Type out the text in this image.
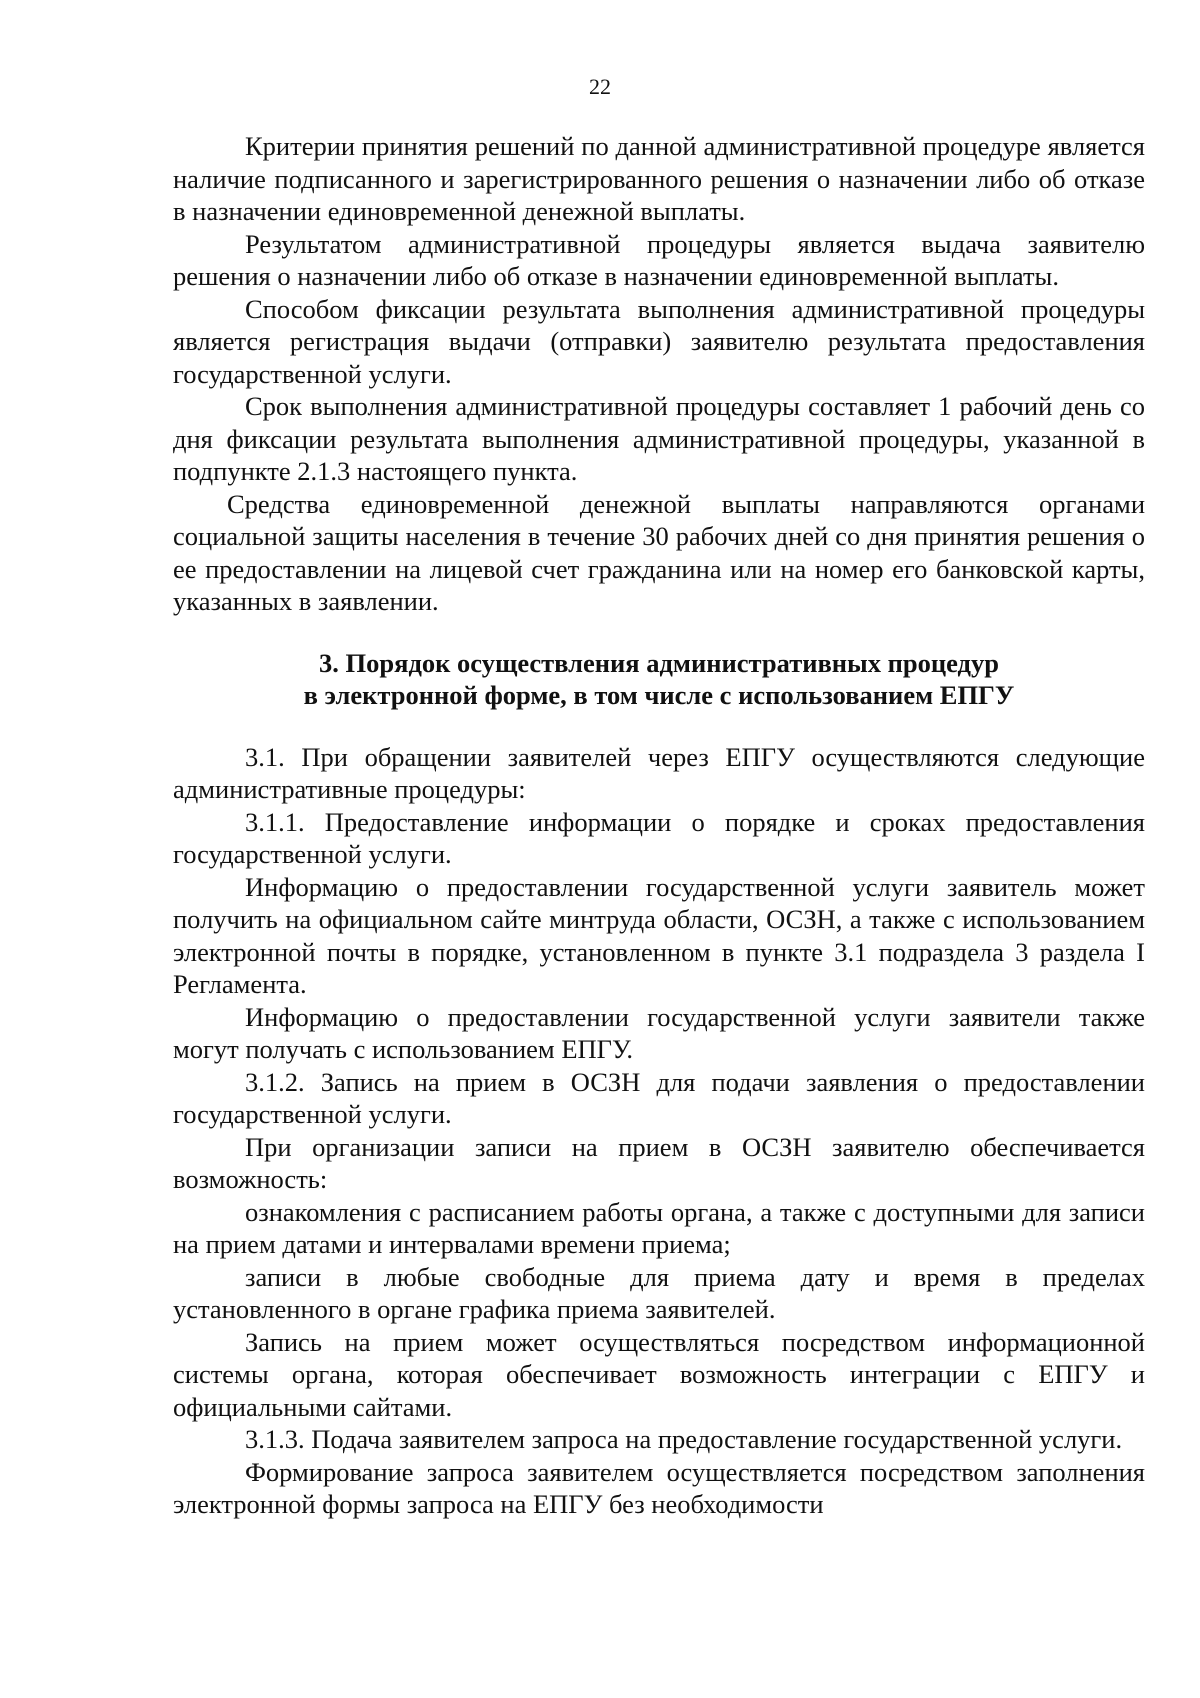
22

Критерии принятия решений по данной административной процедуре является наличие подписанного и зарегистрированного решения о назначении либо об отказе в назначении единовременной денежной выплаты.

Результатом административной процедуры является выдача заявителю решения о назначении либо об отказе в назначении единовременной выплаты.

Способом фиксации результата выполнения административной процедуры является регистрация выдачи (отправки) заявителю результата предоставления государственной услуги.

Срок выполнения административной процедуры составляет 1 рабочий день со дня фиксации результата выполнения административной процедуры, указанной в подпункте 2.1.3 настоящего пункта.

Средства единовременной денежной выплаты направляются органами социальной защиты населения в течение 30 рабочих дней со дня принятия решения о ее предоставлении на лицевой счет гражданина или на номер его банковской карты, указанных в заявлении.

3. Порядок осуществления административных процедур

в электронной форме, в том числе с использованием ЕПГУ

3.1. При обращении заявителей через ЕПГУ осуществляются следующие административные процедуры:

3.1.1. Предоставление информации о порядке и сроках предоставления государственной услуги.

Информацию о предоставлении государственной услуги заявитель может получить на официальном сайте минтруда области, ОСЗН, а также с использованием электронной почты в порядке, установленном в пункте 3.1 подраздела 3 раздела I Регламента.

Информацию о предоставлении государственной услуги заявители также могут получать с использованием ЕПГУ.

3.1.2. Запись на прием в ОСЗН для подачи заявления о предоставлении государственной услуги.

При организации записи на прием в ОСЗН заявителю обеспечивается возможность:

ознакомления с расписанием работы органа, а также с доступными для записи на прием датами и интервалами времени приема;

записи в любые свободные для приема дату и время в пределах установленного в органе графика приема заявителей.

Запись на прием может осуществляться посредством информационной системы органа, которая обеспечивает возможность интеграции с ЕПГУ и официальными сайтами.

3.1.3. Подача заявителем запроса на предоставление государственной услуги.

Формирование запроса заявителем осуществляется посредством заполнения электронной формы запроса на ЕПГУ без необходимости
